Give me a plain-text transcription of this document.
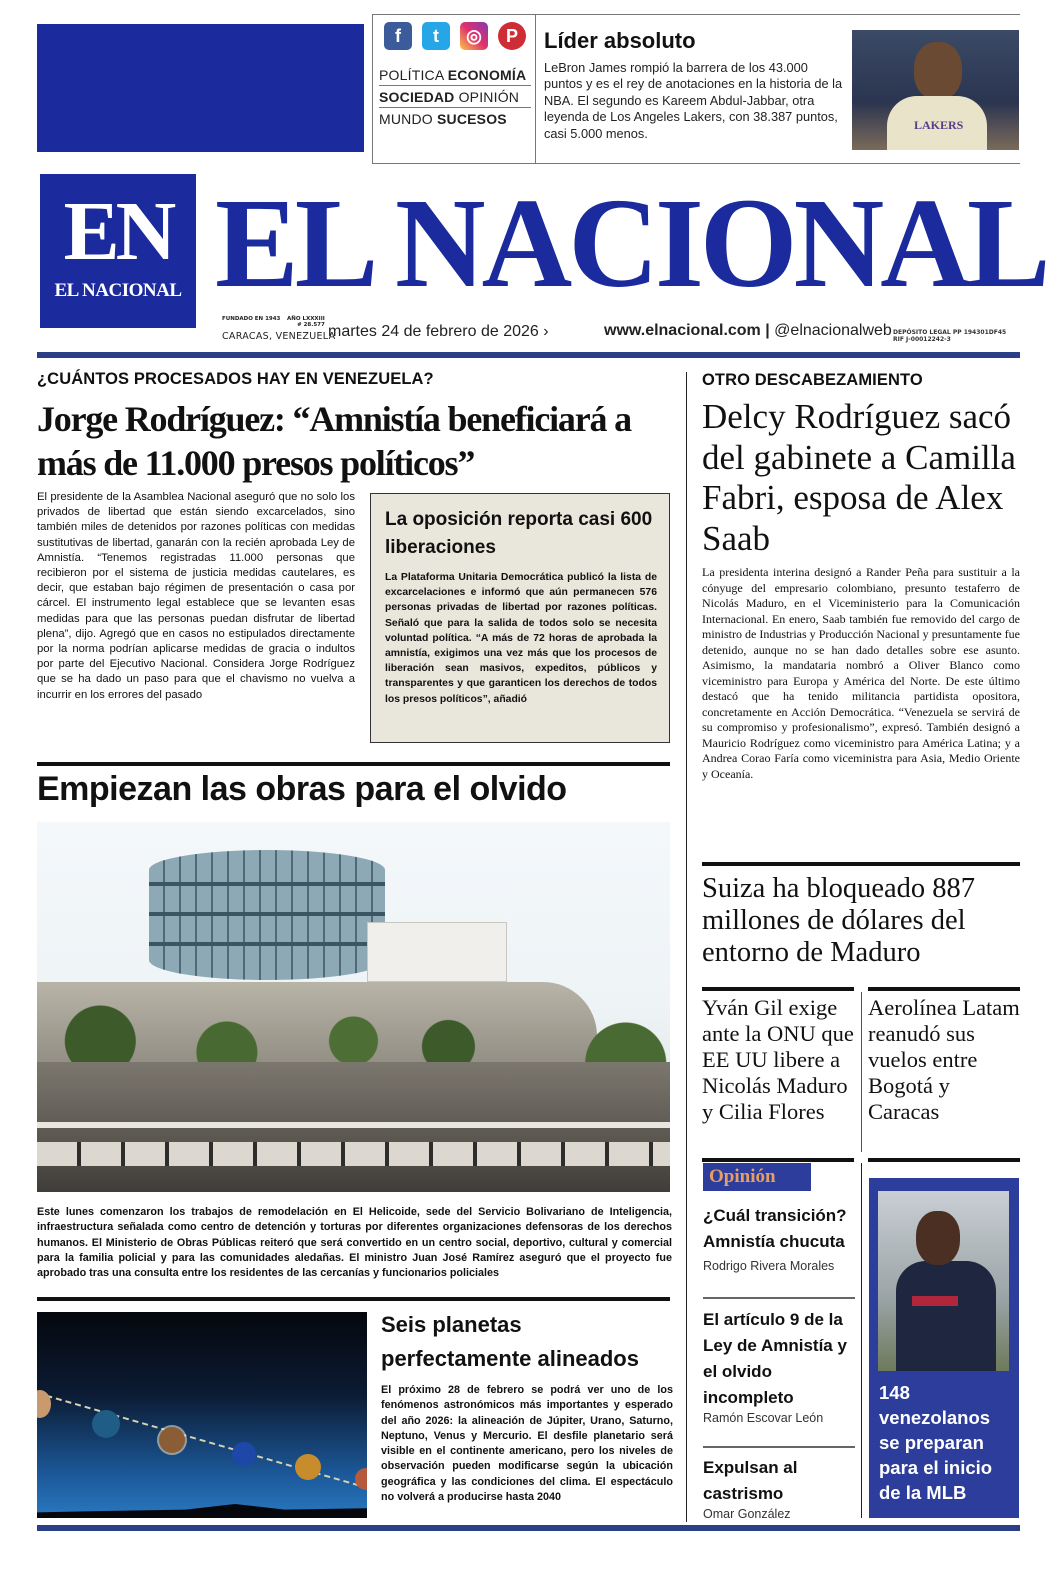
f	t	◎	P
POLÍTICA ECONOMÍA
SOCIEDAD OPINIÓN
MUNDO SUCESOS
Líder absoluto
LeBron James rompió la barrera de los 43.000 puntos y es el rey de anotaciones en la historia de la NBA. El segundo es Kareem Abdul-Jabbar, otra leyenda de Los Angeles Lakers, con 38.387 puntos, casi 5.000 menos.
LAKERS
EN
EL NACIONAL EL NACIONAL
FUNDADO EN 1943 AÑO LXXXIII
# 28.577
CARACAS, VENEZUELA
martes 24 de febrero de 2026 ›	www.elnacional.com | @elnacionalweb DEPÓSITO LEGAL PP 194301DF45
RIF J-00012242-3
¿CUÁNTOS PROCESADOS HAY EN VENEZUELA?
Jorge Rodríguez: “Amnistía beneficiará a más de 11.000 presos políticos”
El presidente de la Asamblea Nacional aseguró que no solo los privados de libertad que están siendo excarcelados, sino también miles de detenidos por razones políticas con medidas sustitutivas de libertad, ganarán con la recién aprobada Ley de Amnistía. “Tenemos registradas 11.000 personas que recibieron por el sistema de justicia medidas cautelares, es decir, que estaban bajo régimen de presentación o casa por cárcel. El instrumento legal establece que se levanten esas medidas para que las personas puedan disfrutar de libertad plena”, dijo. Agregó que en casos no estipulados directamente por la norma podrían aplicarse medidas de gracia o indultos por parte del Ejecutivo Nacional. Considera Jorge Rodríguez que se ha dado un paso para que el chavismo no vuelva a incurrir en los errores del pasado
La oposición reporta casi 600 liberaciones
La Plataforma Unitaria Democrática publicó la lista de excarcelaciones e informó que aún permanecen 576 personas privadas de libertad por razones políticas. Señaló que para la salida de todos solo se necesita voluntad política. “A más de 72 horas de aprobada la amnistía, exigimos una vez más que los procesos de liberación sean masivos, expeditos, públicos y transparentes y que garanticen los derechos de todos los presos políticos”, añadió
OTRO DESCABEZAMIENTO
Delcy Rodríguez sacó del gabinete a Camilla Fabri, esposa de Alex Saab
La presidenta interina designó a Rander Peña para sustituir a la cónyuge del empresario colombiano, presunto testaferro de Nicolás Maduro, en el Viceministerio para la Comunicación Internacional. En enero, Saab también fue removido del cargo de ministro de Industrias y Producción Nacional y presuntamente fue detenido, aunque no se han dado detalles sobre ese asunto. Asimismo, la mandataria nombró a Oliver Blanco como viceministro para Europa y América del Norte. De este último destacó que ha tenido militancia partidista opositora, concretamente en Acción Democrática. “Venezuela se servirá de su compromiso y profesionalismo”, expresó. También designó a Mauricio Rodríguez como viceministro para América Latina; y a Andrea Corao Faría como viceministra para Asia, Medio Oriente y Oceanía.
Suiza ha bloqueado 887 millones de dólares del entorno de Maduro
Yván Gil exige ante la ONU que EE UU libere a Nicolás Maduro y Cilia Flores
Aerolínea Latam reanudó sus vuelos entre Bogotá y Caracas
Empiezan las obras para el olvido
Este lunes comenzaron los trabajos de remodelación en El Helicoide, sede del Servicio Bolivariano de Inteligencia, infraestructura señalada como centro de detención y torturas por diferentes organizaciones defensoras de los derechos humanos. El Ministerio de Obras Públicas reiteró que será convertido en un centro social, deportivo, cultural y comercial para la familia policial y para las comunidades aledañas. El ministro Juan José Ramírez aseguró que el proyecto fue aprobado tras una consulta entre los residentes de las cercanías y funcionarios policiales
Seis planetas perfectamente alineados
El próximo 28 de febrero se podrá ver uno de los fenómenos astronómicos más importantes y esperado del año 2026: la alineación de Júpiter, Urano, Saturno, Neptuno, Venus y Mercurio. El desfile planetario será visible en el continente americano, pero los niveles de observación pueden modificarse según la ubicación geográfica y las condiciones del clima. El espectáculo no volverá a producirse hasta 2040
Opinión
¿Cuál transición? Amnistía chucuta
Rodrigo Rivera Morales
El artículo 9 de la Ley de Amnistía y el olvido incompleto
Ramón Escovar León
Expulsan al castrismo
Omar González
148 venezolanos se preparan para el inicio de la MLB
